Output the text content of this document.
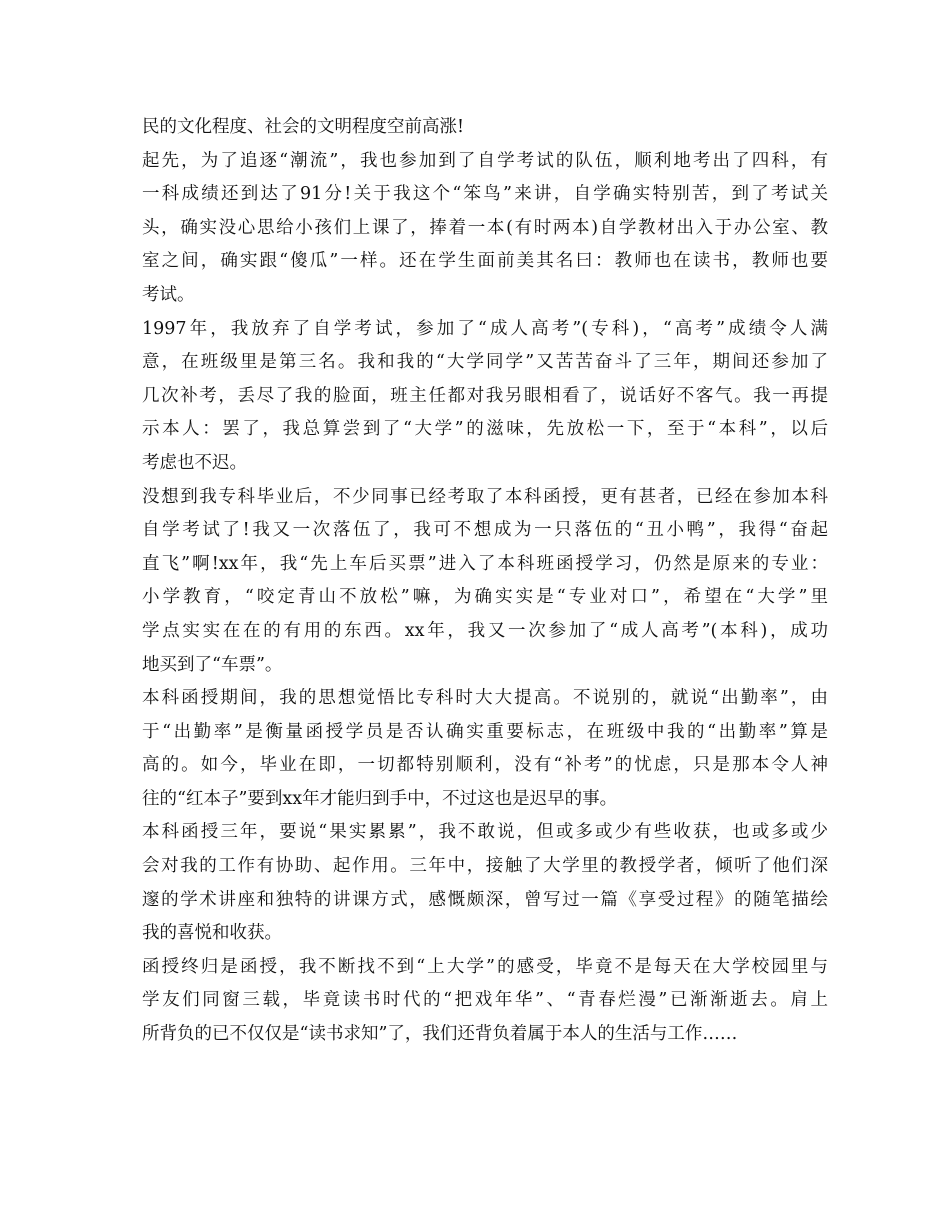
民的文化程度、社会的文明程度空前高涨!
起先，为了追逐“潮流”，我也参加到了自学考试的队伍，顺利地考出了四科，有
一科成绩还到达了91分!关于我这个“笨鸟”来讲，自学确实特别苦，到了考试关
头，确实没心思给小孩们上课了，捧着一本(有时两本)自学教材出入于办公室、教
室之间，确实跟“傻瓜”一样。还在学生面前美其名曰：教师也在读书，教师也要
考试。
1997年，我放弃了自学考试，参加了“成人高考”(专科)，“高考”成绩令人满
意，在班级里是第三名。我和我的“大学同学”又苦苦奋斗了三年，期间还参加了
几次补考，丢尽了我的脸面，班主任都对我另眼相看了，说话好不客气。我一再提
示本人：罢了，我总算尝到了“大学”的滋味，先放松一下，至于“本科”，以后
考虑也不迟。
没想到我专科毕业后，不少同事已经考取了本科函授，更有甚者，已经在参加本科
自学考试了!我又一次落伍了，我可不想成为一只落伍的“丑小鸭”，我得“奋起
直飞”啊!xx年，我“先上车后买票”进入了本科班函授学习，仍然是原来的专业：
小学教育，“咬定青山不放松”嘛，为确实实是“专业对口”，希望在“大学”里
学点实实在在的有用的东西。xx年，我又一次参加了“成人高考”(本科)，成功
地买到了“车票”。
本科函授期间，我的思想觉悟比专科时大大提高。不说别的，就说“出勤率”，由
于“出勤率”是衡量函授学员是否认确实重要标志，在班级中我的“出勤率”算是
高的。如今，毕业在即，一切都特别顺利，没有“补考”的忧虑，只是那本令人神
往的“红本子”要到xx年才能归到手中，不过这也是迟早的事。
本科函授三年，要说“果实累累”，我不敢说，但或多或少有些收获，也或多或少
会对我的工作有协助、起作用。三年中，接触了大学里的教授学者，倾听了他们深
邃的学术讲座和独特的讲课方式，感慨颇深，曾写过一篇《享受过程》的随笔描绘
我的喜悦和收获。
函授终归是函授，我不断找不到“上大学”的感受，毕竟不是每天在大学校园里与
学友们同窗三载，毕竟读书时代的“把戏年华”、“青春烂漫”已渐渐逝去。肩上
所背负的已不仅仅是“读书求知”了，我们还背负着属于本人的生活与工作……
